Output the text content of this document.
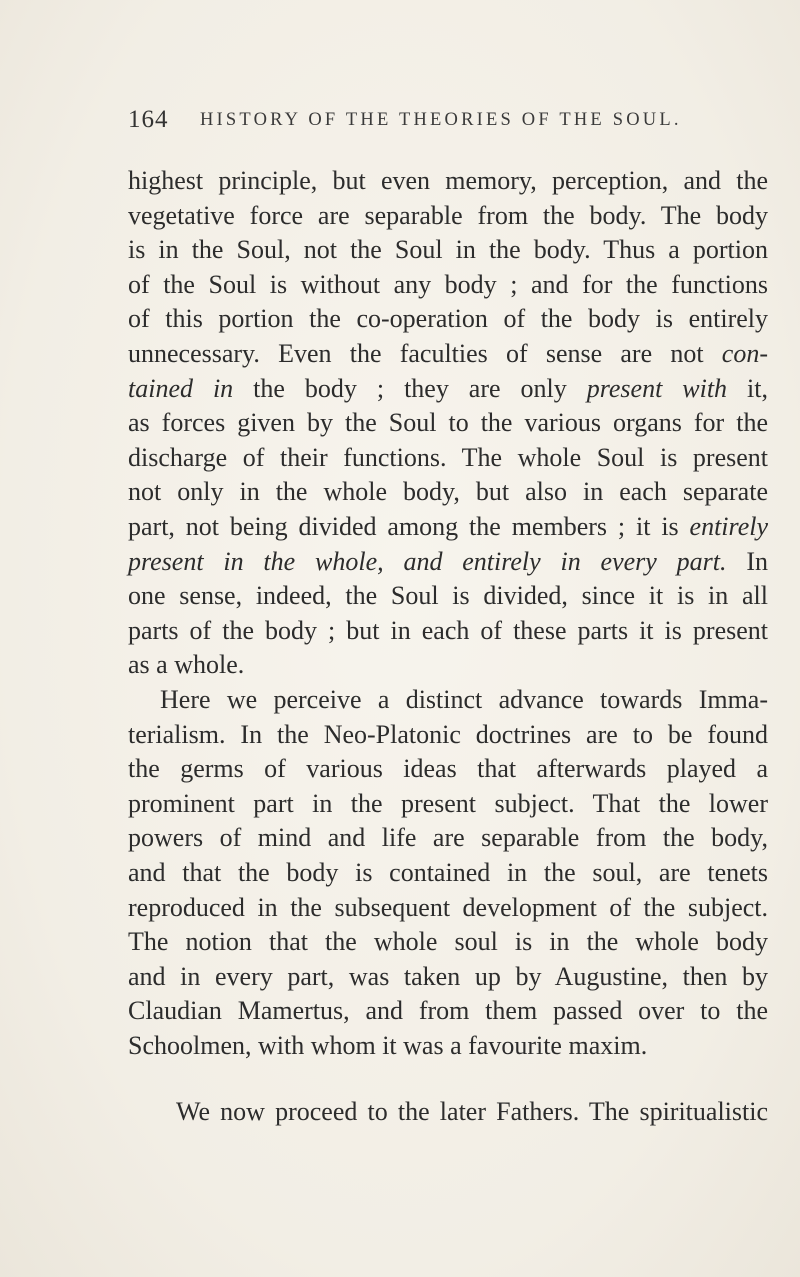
164 HISTORY OF THE THEORIES OF THE SOUL.
highest principle, but even memory, perception, and the
vegetative force are separable from the body. The body
is in the Soul, not the Soul in the body. Thus a portion
of the Soul is without any body ; and for the functions
of this portion the co-operation of the body is entirely
unnecessary. Even the faculties of sense are not con-
tained in the body ; they are only present with it,
as forces given by the Soul to the various organs for the
discharge of their functions. The whole Soul is present
not only in the whole body, but also in each separate
part, not being divided among the members ; it is entirely
present in the whole, and entirely in every part. In
one sense, indeed, the Soul is divided, since it is in all
parts of the body ; but in each of these parts it is present
as a whole.
Here we perceive a distinct advance towards Imma-
terialism. In the Neo-Platonic doctrines are to be found
the germs of various ideas that afterwards played a
prominent part in the present subject. That the lower
powers of mind and life are separable from the body,
and that the body is contained in the soul, are tenets
reproduced in the subsequent development of the subject.
The notion that the whole soul is in the whole body
and in every part, was taken up by Augustine, then by
Claudian Mamertus, and from them passed over to the
Schoolmen, with whom it was a favourite maxim.
We now proceed to the later Fathers. The spiritualistic
